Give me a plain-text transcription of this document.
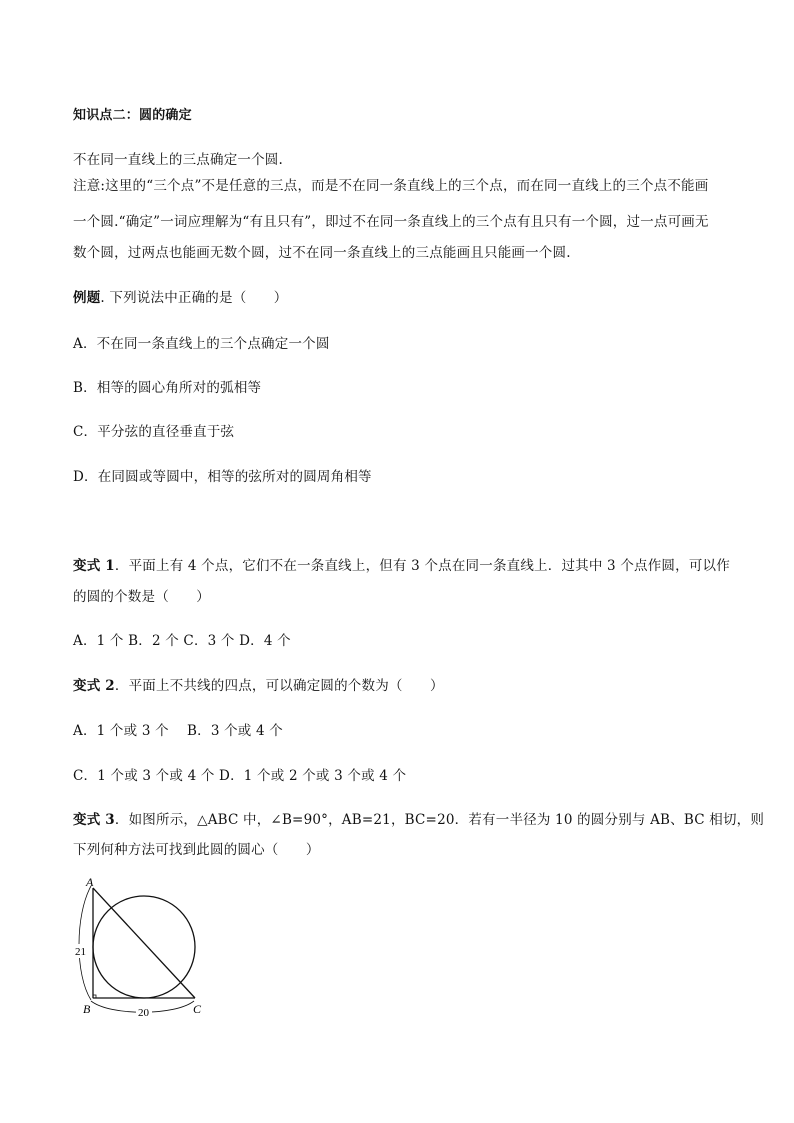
知识点二：圆的确定
不在同一直线上的三点确定一个圆.
注意:这里的“三个点”不是任意的三点，而是不在同一条直线上的三个点，而在同一直线上的三个点不能画
一个圆.“确定”一词应理解为“有且只有”，即过不在同一条直线上的三个点有且只有一个圆，过一点可画无
数个圆，过两点也能画无数个圆，过不在同一条直线上的三点能画且只能画一个圆.
例题. 下列说法中正确的是（　　）
A．不在同一条直线上的三个点确定一个圆
B．相等的圆心角所对的弧相等
C．平分弦的直径垂直于弦
D．在同圆或等圆中，相等的弦所对的圆周角相等
变式 1．平面上有 4 个点，它们不在一条直线上，但有 3 个点在同一条直线上．过其中 3 个点作圆，可以作
的圆的个数是（　　）
A．1 个 B．2 个 C．3 个 D．4 个
变式 2．平面上不共线的四点，可以确定圆的个数为（　　）
A．1 个或 3 个　 B．3 个或 4 个
C．1 个或 3 个或 4 个 D．1 个或 2 个或 3 个或 4 个
变式 3．如图所示，△ABC 中，∠B=90°，AB=21，BC=20．若有一半径为 10 的圆分别与 AB、BC 相切，则
下列何种方法可找到此圆的圆心（　　）
A
B	C
21
20
